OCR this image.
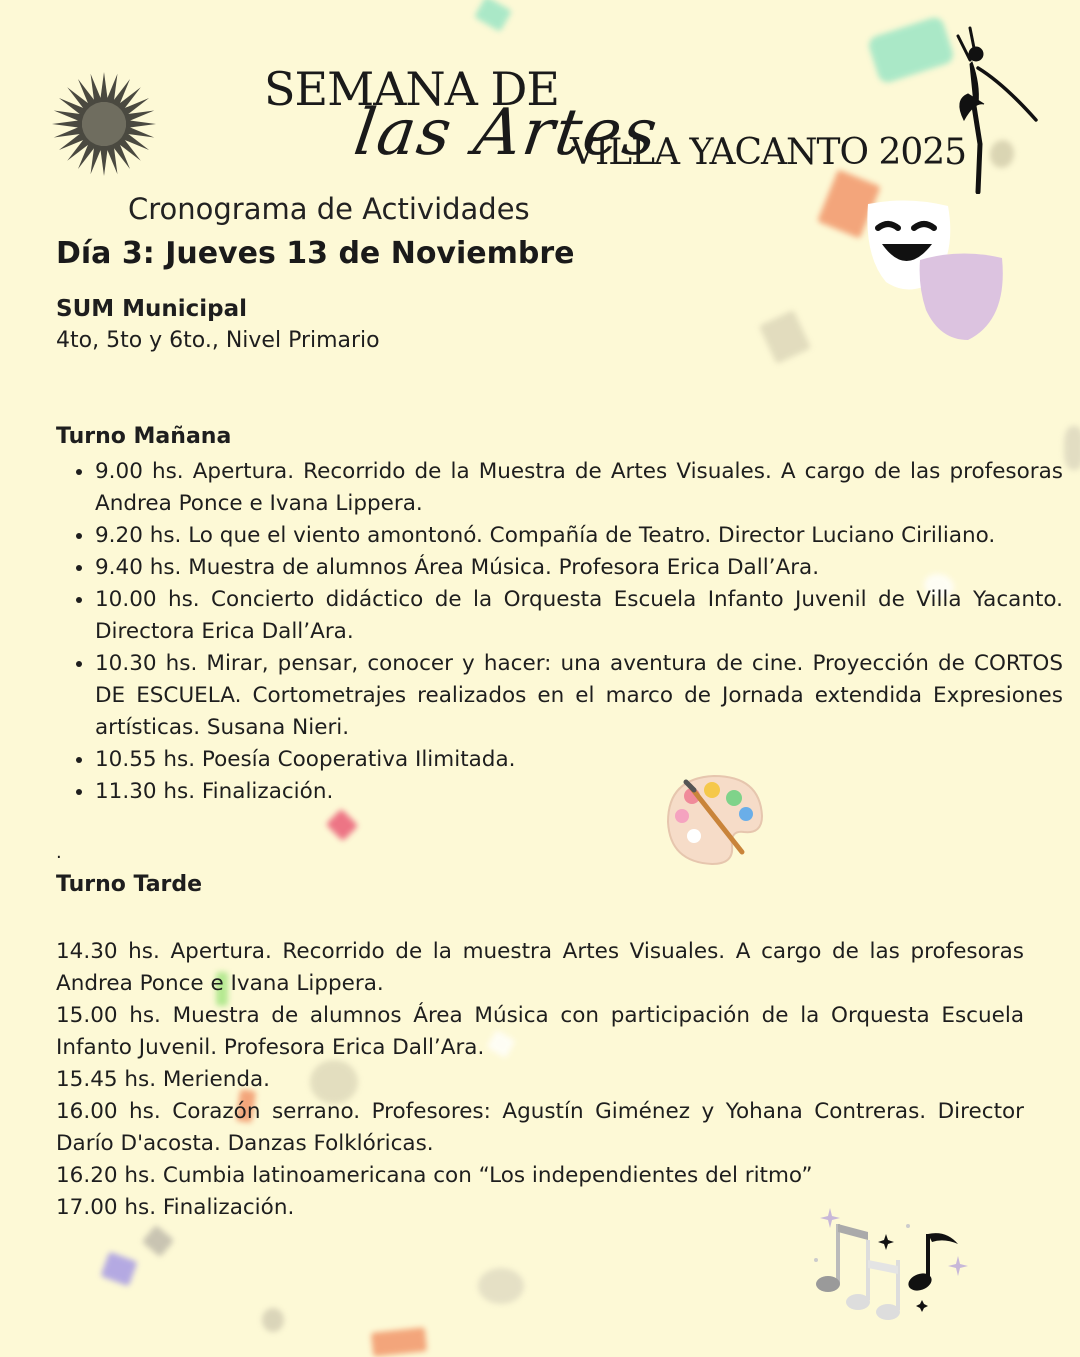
SEMANA DE
las Artes
VILLA YACANTO 2025
Cronograma de Actividades
Día 3: Jueves 13 de Noviembre
SUM Municipal
4to, 5to y 6to., Nivel Primario
Turno Mañana
• 9.00 hs. Apertura. Recorrido de la Muestra de Artes Visuales. A cargo de las profesoras Andrea Ponce e Ivana Lippera.
• 9.20 hs. Lo que el viento amontonó. Compañía de Teatro. Director Luciano Ciriliano.
• 9.40 hs. Muestra de alumnos Área Música. Profesora Erica Dall’Ara.
• 10.00 hs. Concierto didáctico de la Orquesta Escuela Infanto Juvenil de Villa Yacanto. Directora Erica Dall’Ara.
• 10.30 hs. Mirar, pensar, conocer y hacer: una aventura de cine. Proyección de CORTOS DE ESCUELA. Cortometrajes realizados en el marco de Jornada extendida Expresiones artísticas. Susana Nieri.
• 10.55 hs. Poesía Cooperativa Ilimitada.
• 11.30 hs. Finalización.
.
Turno Tarde

14.30 hs. Apertura. Recorrido de la muestra Artes Visuales. A cargo de las profesoras Andrea Ponce e Ivana Lippera.

15.00 hs. Muestra de alumnos Área Música con participación de la Orquesta Escuela Infanto Juvenil. Profesora Erica Dall’Ara.

15.45 hs. Merienda.

16.00 hs. Corazón serrano. Profesores: Agustín Giménez y Yohana Contreras. Director Darío D'acosta. Danzas Folklóricas.

16.20 hs. Cumbia latinoamericana con “Los independientes del ritmo”

17.00 hs. Finalización.
